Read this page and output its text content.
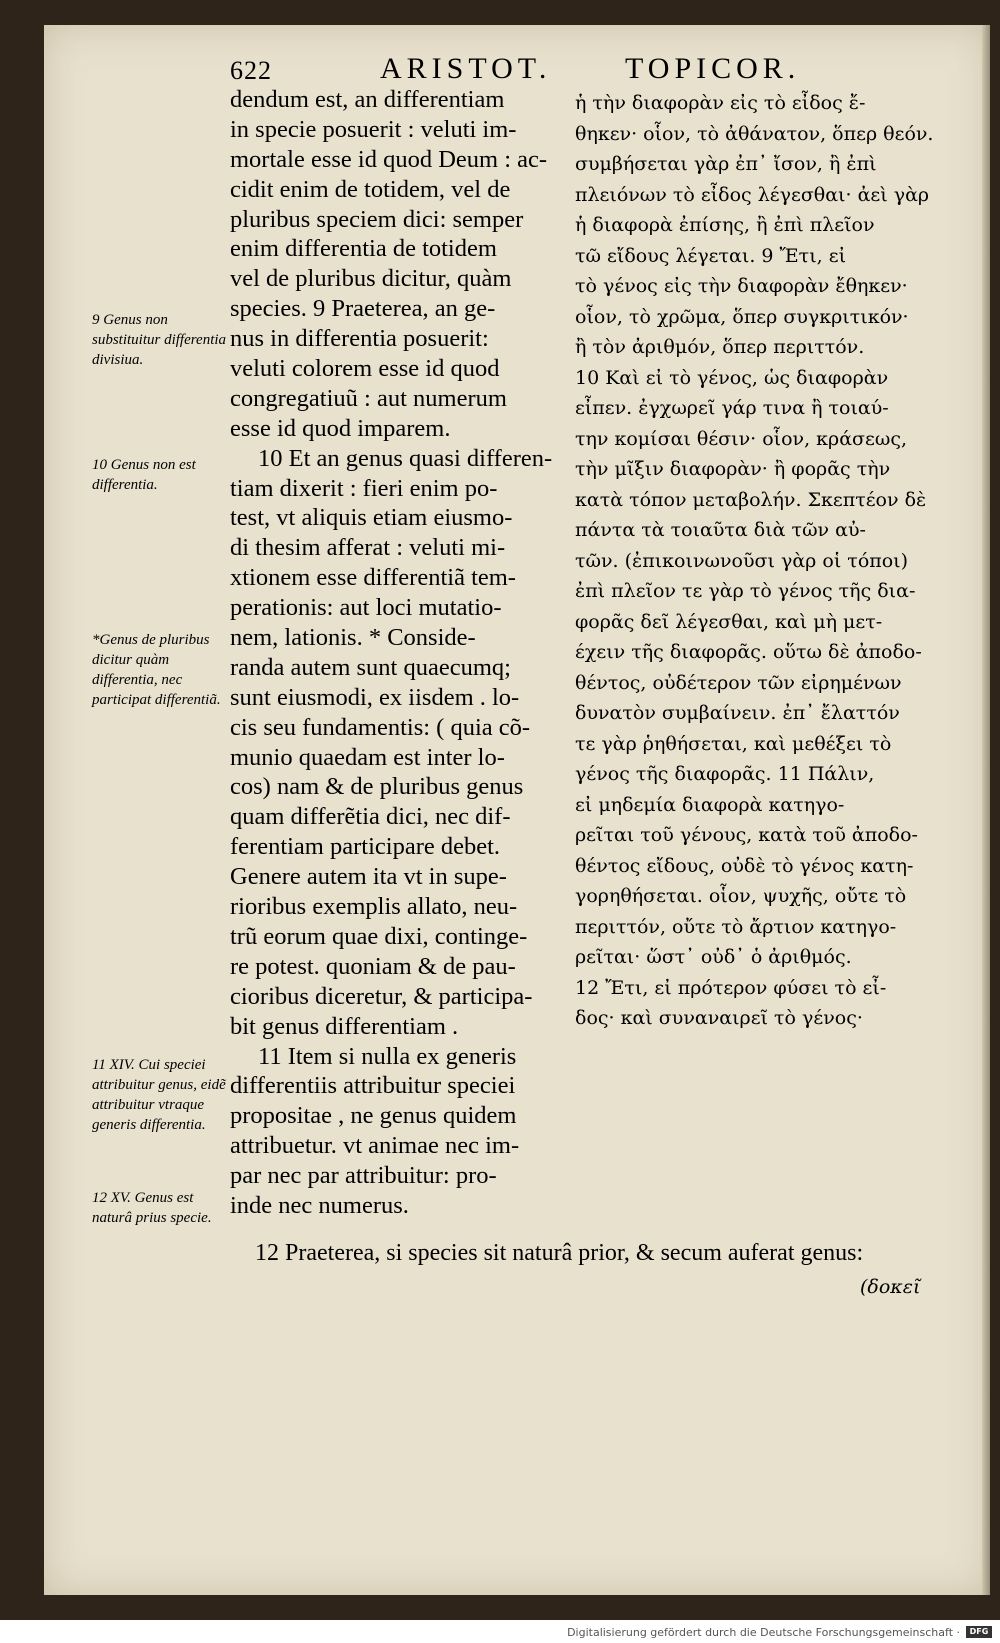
622	ARISTOT. TOPICOR.
9 Genus non substituitur differentia divisiua.
10 Genus non est differentia.
*Genus de pluribus dicitur quàm differentia, nec participat differentiã.
11 XIV. Cui speciei attribuitur genus, eidẽ attribuitur vtraque generis differentia.
12 XV. Genus est naturâ prius specie.
dendum est, an differentiam
in specie posuerit : veluti im-
mortale esse id quod Deum : ac-
cidit enim de totidem, vel de
pluribus speciem dici: semper
enim differentia de totidem
vel de pluribus dicitur, quàm
species. 9 Praeterea, an ge-
nus in differentia posuerit:
veluti colorem esse id quod
congregatiuũ : aut numerum
esse id quod imparem.
10 Et an genus quasi differen-
tiam dixerit : fieri enim po-
test, vt aliquis etiam eiusmo-
di thesim afferat : veluti mi-
xtionem esse differentiã tem-
perationis: aut loci mutatio-
nem, lationis. * Conside-
randa autem sunt quaecumq;
sunt eiusmodi, ex iisdem . lo-
cis seu fundamentis: ( quia cõ-
munio quaedam est inter lo-
cos) nam & de pluribus genus
quam differẽtia dici, nec dif-
ferentiam participare debet.
Genere autem ita vt in supe-
rioribus exemplis allato, neu-
trũ eorum quae dixi, continge-
re potest. quoniam & de pau-
cioribus diceretur, & participa-
bit genus differentiam .
11 Item si nulla ex generis
differentiis attribuitur speciei
propositae , ne genus quidem
attribuetur. vt animae nec im-
par nec par attribuitur: pro-
inde nec numerus.
ἡ τὴν διαφορὰν εἰς τὸ εἶδος ἔ-
θηκεν· οἷον, τὸ ἀθάνατον, ὅπερ θεόν.
συμβήσεται γὰρ ἐπ᾽ ἴσον, ἢ ἐπὶ
πλειόνων τὸ εἶδος λέγεσθαι· ἀεὶ γὰρ
ἡ διαφορὰ ἐπίσης, ἢ ἐπὶ πλεῖον
τῶ εἴδους λέγεται. 9 Ἔτι, εἰ
τὸ γένος εἰς τὴν διαφορὰν ἔθηκεν·
οἷον, τὸ χρῶμα, ὅπερ συγκριτικόν·
ἢ τὸν ἀριθμόν, ὅπερ περιττόν.
10 Καὶ εἰ τὸ γένος, ὡς διαφορὰν
εἶπεν. ἐγχωρεῖ γάρ τινα ἢ τοιαύ-
την κομίσαι θέσιν· οἷον, κράσεως,
τὴν μῖξιν διαφορὰν· ἢ φορᾶς τὴν
κατὰ τόπον μεταβολήν. Σκεπτέον δὲ
πάντα τὰ τοιαῦτα διὰ τῶν αὐ-
τῶν. (ἐπικοινωνοῦσι γὰρ οἱ τόποι)
ἐπὶ πλεῖον τε γὰρ τὸ γένος τῆς δια-
φορᾶς δεῖ λέγεσθαι, καὶ μὴ μετ-
έχειν τῆς διαφορᾶς. οὕτω δὲ ἀποδο-
θέντος, οὐδέτερον τῶν εἰρημένων
δυνατὸν συμβαίνειν. ἐπ᾽ ἔλαττόν
τε γὰρ ῥηθήσεται, καὶ μεθέξει τὸ
γένος τῆς διαφορᾶς. 11 Πάλιν,
εἰ μηδεμία διαφορὰ κατηγο-
ρεῖται τοῦ γένους, κατὰ τοῦ ἀποδο-
θέντος εἴδους, οὐδὲ τὸ γένος κατη-
γορηθήσεται. οἷον, ψυχῆς, οὔτε τὸ
περιττόν, οὔτε τὸ ἄρτιον κατηγο-
ρεῖται· ὥστ᾽ οὐδ᾽ ὁ ἀριθμός.
12 Ἔτι, εἰ πρότερον φύσει τὸ εἶ-
δος· καὶ συναναιρεῖ τὸ γένος·
12 Praeterea, si species sit naturâ prior, & secum auferat genus:
(δοκεῖ
Digitalisierung gefördert durch die Deutsche Forschungsgemeinschaft ·	DFG
